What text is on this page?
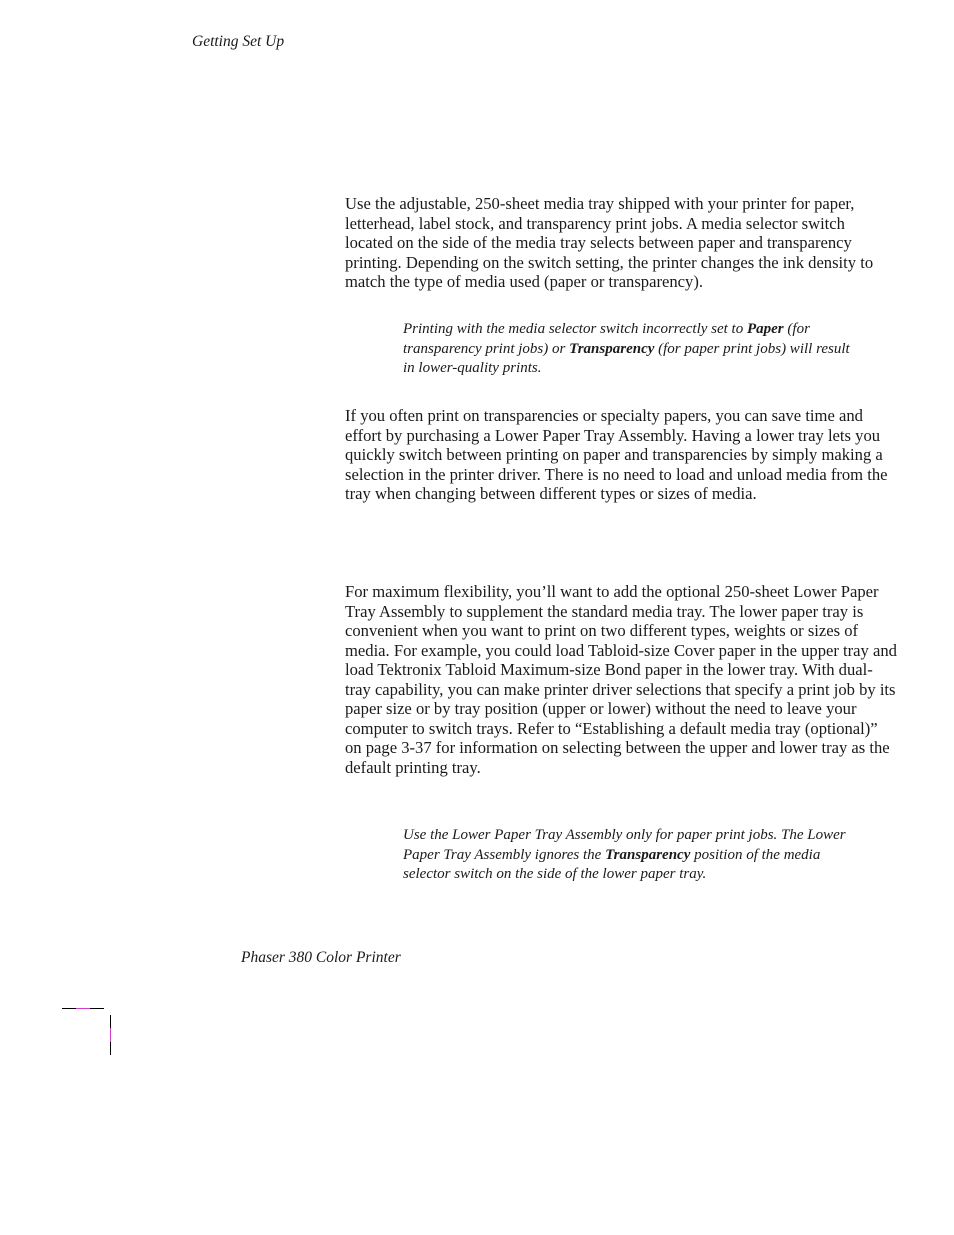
Getting Set Up

Use the adjustable, 250-sheet media tray shipped with your printer for paper, letterhead, label stock, and transparency print jobs. A media selector switch located on the side of the media tray selects between paper and transparency printing. Depending on the switch setting, the printer changes the ink density to match the type of media used (paper or transparency).

Printing with the media selector switch incorrectly set to Paper (for transparency print jobs) or Transparency (for paper print jobs) will result in lower-quality prints.

If you often print on transparencies or specialty papers, you can save time and effort by purchasing a Lower Paper Tray Assembly. Having a lower tray lets you quickly switch between printing on paper and transparencies by simply making a selection in the printer driver. There is no need to load and unload media from the tray when changing between different types or sizes of media.

For maximum flexibility, you’ll want to add the optional 250-sheet Lower Paper Tray Assembly to supplement the standard media tray. The lower paper tray is convenient when you want to print on two different types, weights or sizes of media. For example, you could load Tabloid-size Cover paper in the upper tray and load Tektronix Tabloid Maximum-size Bond paper in the lower tray. With dual-tray capability, you can make printer driver selections that specify a print job by its paper size or by tray position (upper or lower) without the need to leave your computer to switch trays. Refer to “Establishing a default media tray (optional)” on page 3-37 for information on selecting between the upper and lower tray as the default printing tray.

Use the Lower Paper Tray Assembly only for paper print jobs. The Lower Paper Tray Assembly ignores the Transparency position of the media selector switch on the side of the lower paper tray.

Phaser 380 Color Printer
